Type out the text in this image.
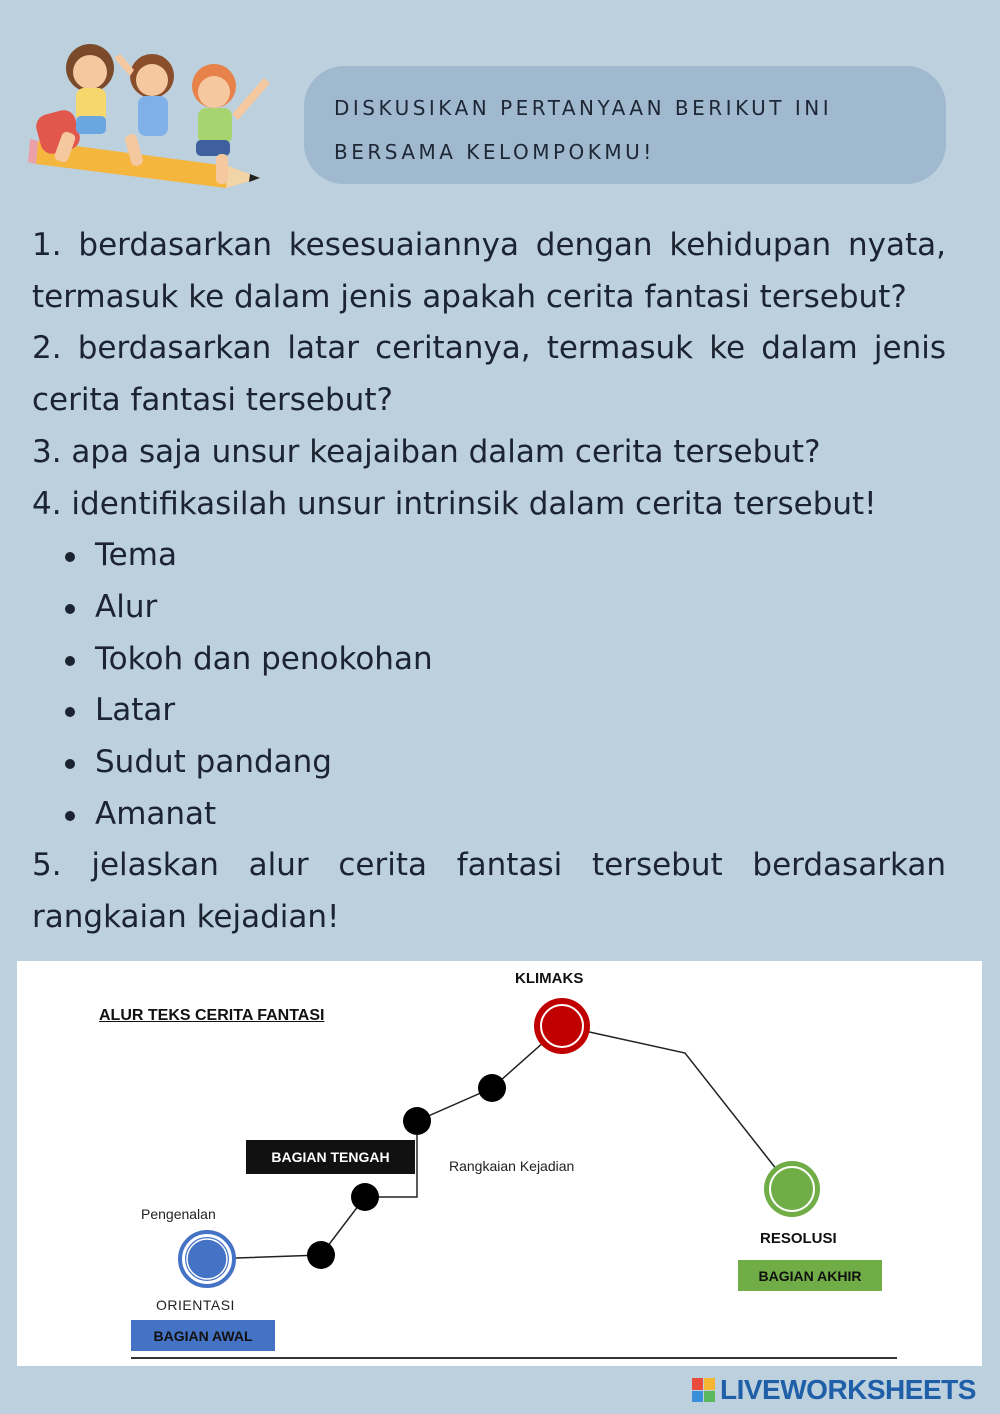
DISKUSIKAN PERTANYAAN BERIKUT INI

BERSAMA KELOMPOKMU!

1. berdasarkan kesesuaiannya dengan kehidupan nyata, termasuk ke dalam jenis apakah cerita fantasi tersebut?

2. berdasarkan latar ceritanya, termasuk ke dalam jenis cerita fantasi tersebut?

3. apa saja unsur keajaiban dalam cerita tersebut?

4. identifikasilah unsur intrinsik dalam cerita tersebut!

Tema
Alur
Tokoh dan penokohan
Latar
Sudut pandang
Amanat

5. jelaskan alur cerita fantasi tersebut berdasarkan rangkaian kejadian!

ALUR TEKS CERITA FANTASI
KLIMAKS
RESOLUSI
Pengenalan
ORIENTASI
Rangkaian Kejadian
BAGIAN TENGAH
BAGIAN AWAL
BAGIAN AKHIR
LIVEWORKSHEETS
